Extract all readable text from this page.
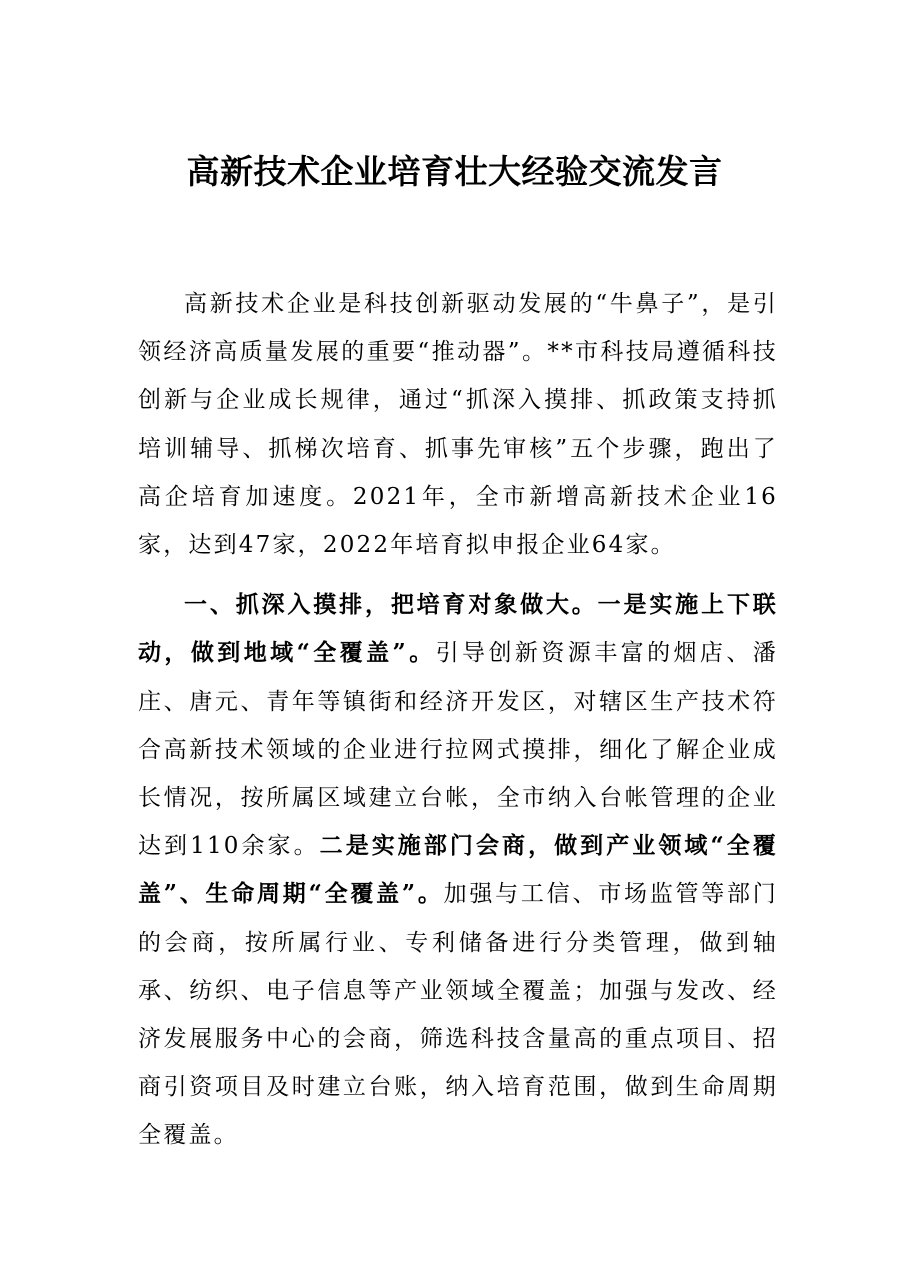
高新技术企业培育壮大经验交流发言

高新技术企业是科技创新驱动发展的“牛鼻子”，是引领经济高质量发展的重要“推动器”。**市科技局遵循科技创新与企业成长规律，通过“抓深入摸排、抓政策支持抓培训辅导、抓梯次培育、抓事先审核”五个步骤，跑出了高企培育加速度。2021年，全市新增高新技术企业16家，达到47家，2022年培育拟申报企业64家。

一、抓深入摸排，把培育对象做大。一是实施上下联动，做到地域“全覆盖”。引导创新资源丰富的烟店、潘庄、唐元、青年等镇街和经济开发区，对辖区生产技术符合高新技术领域的企业进行拉网式摸排，细化了解企业成长情况，按所属区域建立台帐，全市纳入台帐管理的企业达到110余家。二是实施部门会商，做到产业领域“全覆盖”、生命周期“全覆盖”。加强与工信、市场监管等部门的会商，按所属行业、专利储备进行分类管理，做到轴承、纺织、电子信息等产业领域全覆盖；加强与发改、经济发展服务中心的会商，筛选科技含量高的重点项目、招商引资项目及时建立台账，纳入培育范围，做到生命周期全覆盖。
